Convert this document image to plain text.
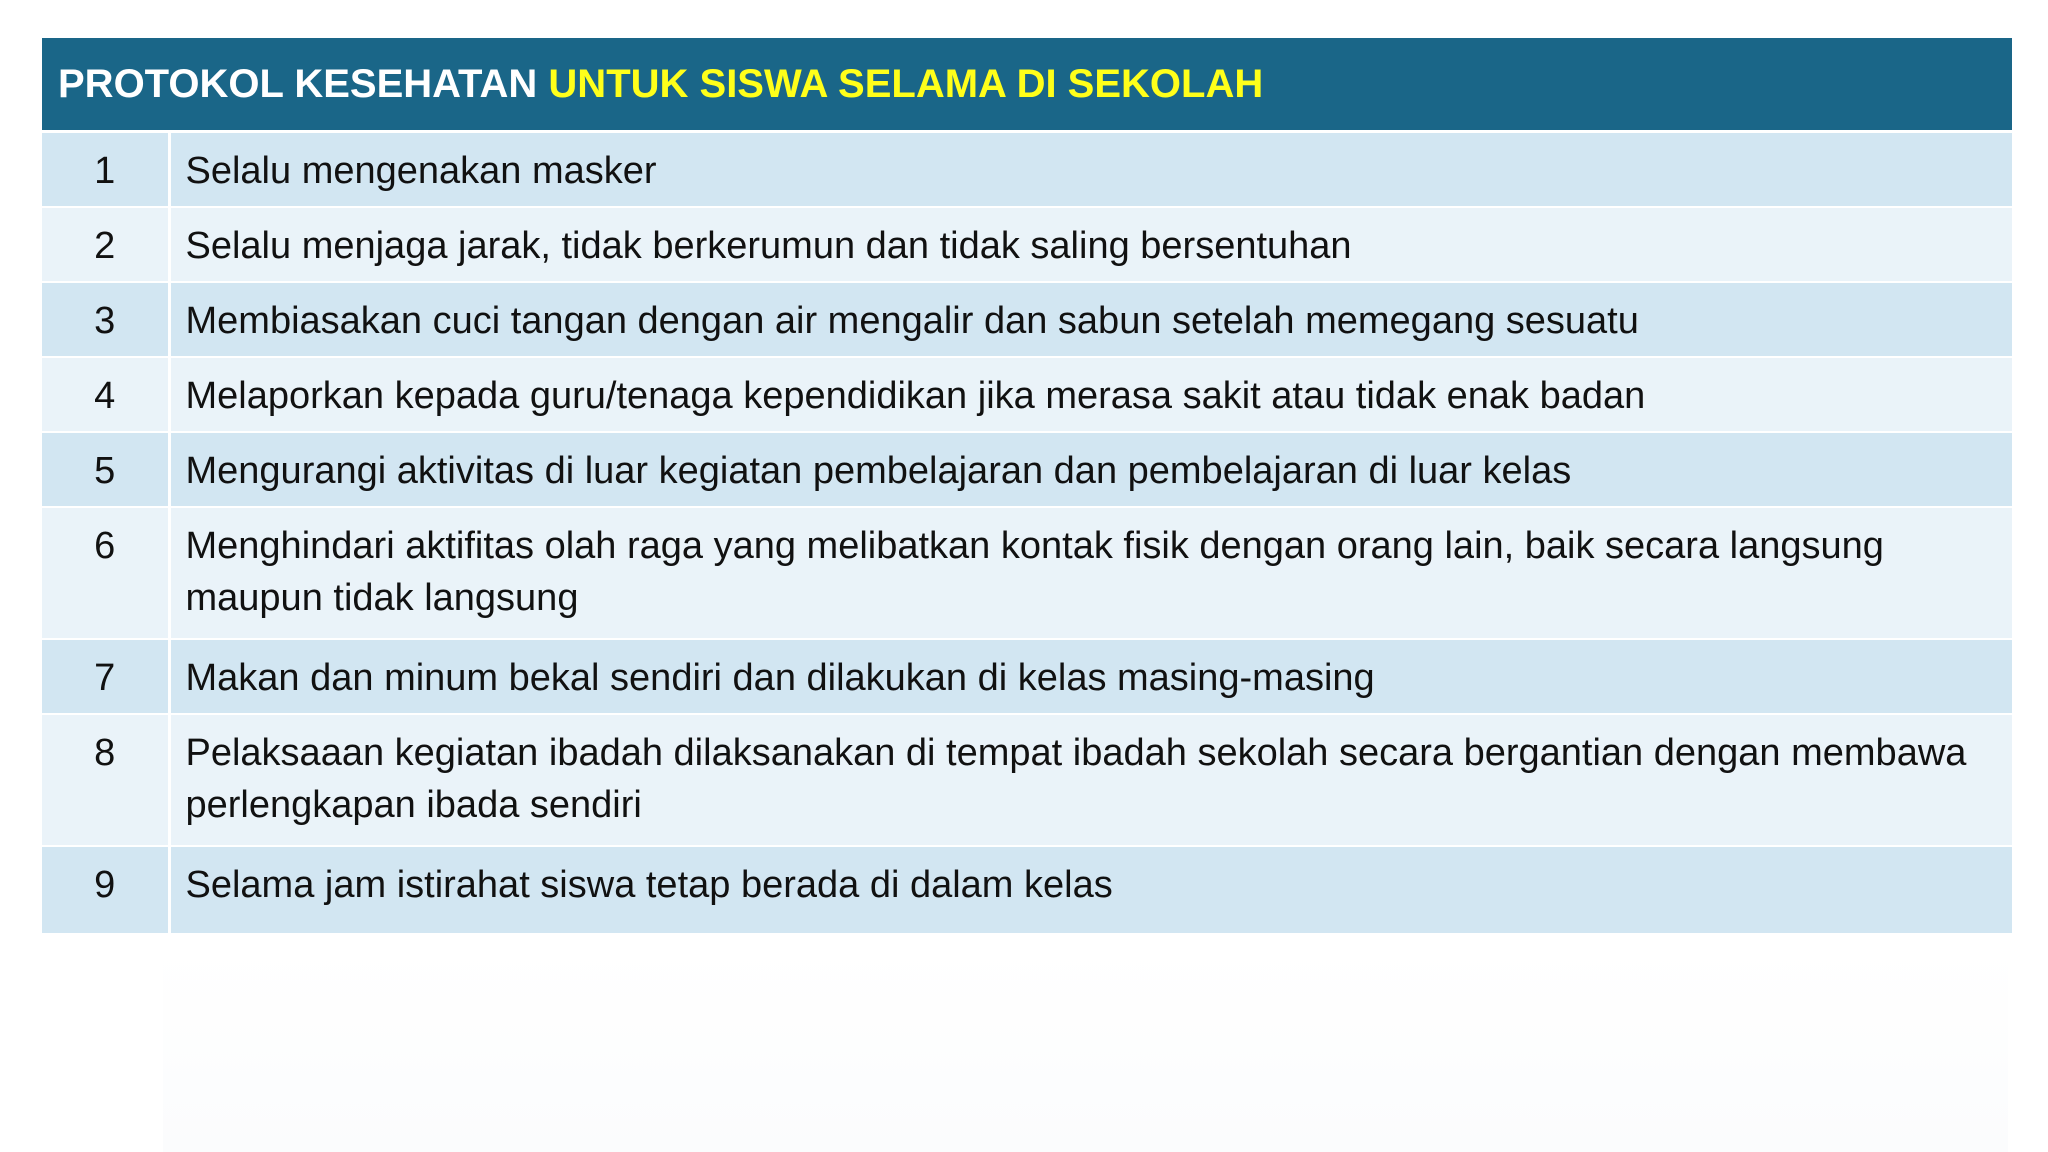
PROTOKOL KESEHATAN UNTUK SISWA SELAMA DI SEKOLAH	
1	Selalu mengenakan masker
2	Selalu menjaga jarak, tidak berkerumun dan tidak saling bersentuhan
3	Membiasakan cuci tangan dengan air mengalir dan sabun setelah memegang sesuatu
4	Melaporkan kepada guru/tenaga kependidikan jika merasa sakit atau tidak enak badan
5	Mengurangi aktivitas di luar kegiatan pembelajaran dan pembelajaran di luar kelas
6	Menghindari aktifitas olah raga yang melibatkan kontak fisik dengan orang lain, baik secara langsung maupun tidak langsung
7	Makan dan minum bekal sendiri dan dilakukan di kelas masing-masing
8	Pelaksaaan kegiatan ibadah dilaksanakan di tempat ibadah sekolah secara bergantian dengan membawa perlengkapan ibada sendiri
9	Selama jam istirahat siswa tetap berada di dalam kelas
